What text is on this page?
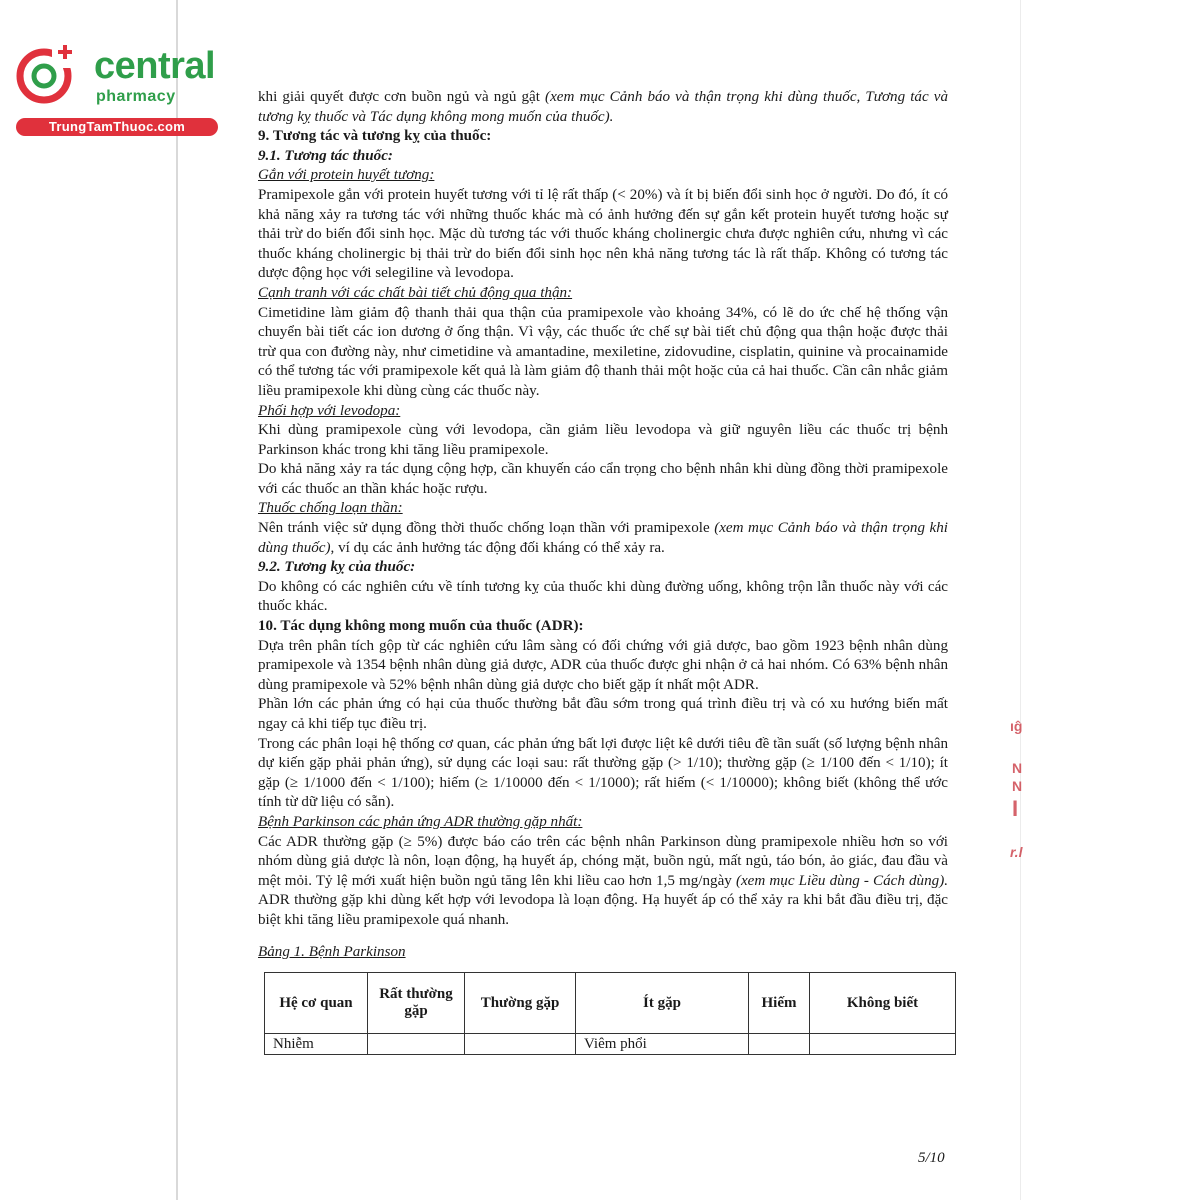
ıĝ
N
N
I
r.l
central
pharmacy
TrungTamThuoc.com

khi giải quyết được cơn buồn ngủ và ngủ gật (xem mục Cảnh báo và thận trọng khi dùng thuốc, Tương tác và tương kỵ thuốc và Tác dụng không mong muốn của thuốc).

9. Tương tác và tương kỵ của thuốc:

9.1. Tương tác thuốc:

Gắn với protein huyết tương:

Pramipexole gắn với protein huyết tương với tỉ lệ rất thấp (< 20%) và ít bị biến đổi sinh học ở người. Do đó, ít có khả năng xảy ra tương tác với những thuốc khác mà có ảnh hưởng đến sự gắn kết protein huyết tương hoặc sự thải trừ do biến đổi sinh học. Mặc dù tương tác với thuốc kháng cholinergic chưa được nghiên cứu, nhưng vì các thuốc kháng cholinergic bị thải trừ do biến đổi sinh học nên khả năng tương tác là rất thấp. Không có tương tác dược động học với selegiline và levodopa.

Cạnh tranh với các chất bài tiết chủ động qua thận:

Cimetidine làm giảm độ thanh thải qua thận của pramipexole vào khoảng 34%, có lẽ do ức chế hệ thống vận chuyển bài tiết các ion dương ở ống thận. Vì vậy, các thuốc ức chế sự bài tiết chủ động qua thận hoặc được thải trừ qua con đường này, như cimetidine và amantadine, mexiletine, zidovudine, cisplatin, quinine và procainamide có thể tương tác với pramipexole kết quả là làm giảm độ thanh thải một hoặc của cả hai thuốc. Cần cân nhắc giảm liều pramipexole khi dùng cùng các thuốc này.

Phối hợp với levodopa:

Khi dùng pramipexole cùng với levodopa, cần giảm liều levodopa và giữ nguyên liều các thuốc trị bệnh Parkinson khác trong khi tăng liều pramipexole.

Do khả năng xảy ra tác dụng cộng hợp, cần khuyến cáo cẩn trọng cho bệnh nhân khi dùng đồng thời pramipexole với các thuốc an thần khác hoặc rượu.

Thuốc chống loạn thần:

Nên tránh việc sử dụng đồng thời thuốc chống loạn thần với pramipexole (xem mục Cảnh báo và thận trọng khi dùng thuốc), ví dụ các ảnh hưởng tác động đối kháng có thể xảy ra.

9.2. Tương kỵ của thuốc:

Do không có các nghiên cứu về tính tương kỵ của thuốc khi dùng đường uống, không trộn lẫn thuốc này với các thuốc khác.

10. Tác dụng không mong muốn của thuốc (ADR):

Dựa trên phân tích gộp từ các nghiên cứu lâm sàng có đối chứng với giả dược, bao gồm 1923 bệnh nhân dùng pramipexole và 1354 bệnh nhân dùng giả dược, ADR của thuốc được ghi nhận ở cả hai nhóm. Có 63% bệnh nhân dùng pramipexole và 52% bệnh nhân dùng giả dược cho biết gặp ít nhất một ADR.

Phần lớn các phản ứng có hại của thuốc thường bắt đầu sớm trong quá trình điều trị và có xu hướng biến mất ngay cả khi tiếp tục điều trị.

Trong các phân loại hệ thống cơ quan, các phản ứng bất lợi được liệt kê dưới tiêu đề tần suất (số lượng bệnh nhân dự kiến gặp phải phản ứng), sử dụng các loại sau: rất thường gặp (> 1/10); thường gặp (≥ 1/100 đến < 1/10); ít gặp (≥ 1/1000 đến < 1/100); hiếm (≥ 1/10000 đến < 1/1000); rất hiếm (< 1/10000); không biết (không thể ước tính từ dữ liệu có sẵn).

Bệnh Parkinson các phản ứng ADR thường gặp nhất:

Các ADR thường gặp (≥ 5%) được báo cáo trên các bệnh nhân Parkinson dùng pramipexole nhiều hơn so với nhóm dùng giả dược là nôn, loạn động, hạ huyết áp, chóng mặt, buồn ngủ, mất ngủ, táo bón, ảo giác, đau đầu và mệt mỏi. Tỷ lệ mới xuất hiện buồn ngủ tăng lên khi liều cao hơn 1,5 mg/ngày (xem mục Liều dùng - Cách dùng). ADR thường gặp khi dùng kết hợp với levodopa là loạn động. Hạ huyết áp có thể xảy ra khi bắt đầu điều trị, đặc biệt khi tăng liều pramipexole quá nhanh.

Bảng 1. Bệnh Parkinson

Hệ cơ quan	Rất thường gặp	Thường gặp	Ít gặp	Hiếm	Không biết
Nhiễm			Viêm phổi		
5/10
